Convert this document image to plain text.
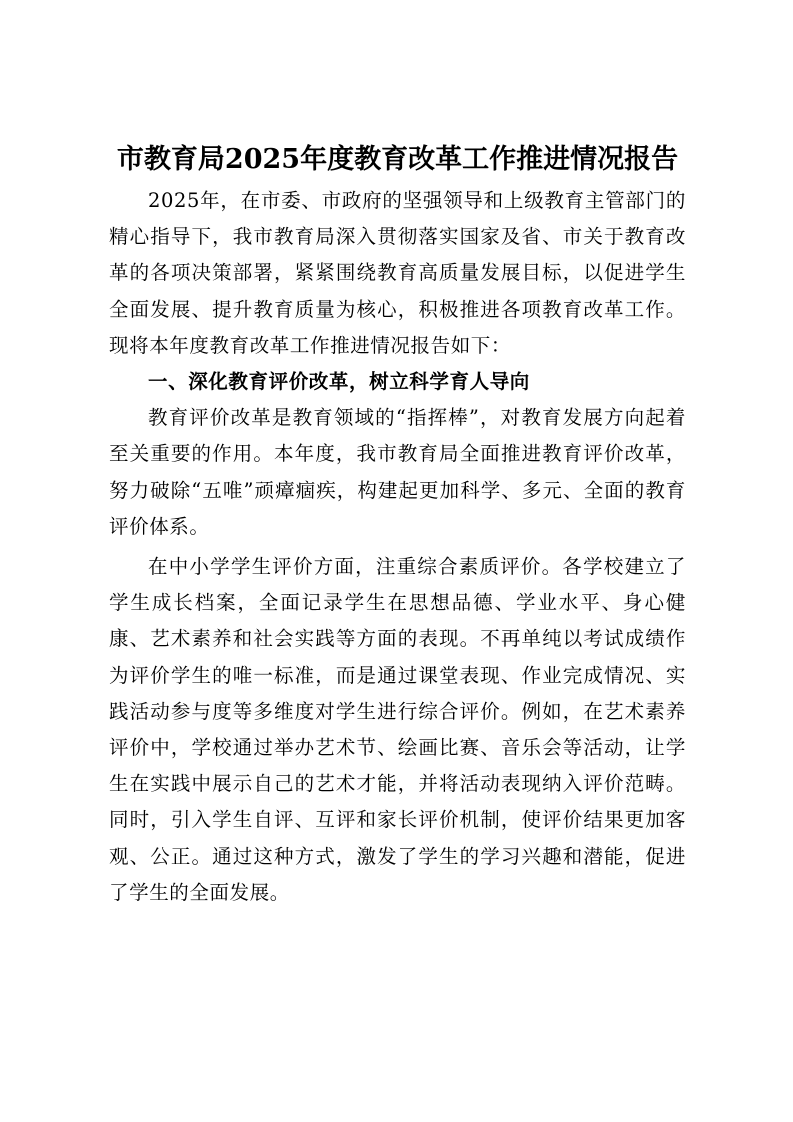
市教育局2025年度教育改革工作推进情况报告

2025年，在市委、市政府的坚强领导和上级教育主管部门的精心指导下，我市教育局深入贯彻落实国家及省、市关于教育改革的各项决策部署，紧紧围绕教育高质量发展目标，以促进学生全面发展、提升教育质量为核心，积极推进各项教育改革工作。现将本年度教育改革工作推进情况报告如下：

一、深化教育评价改革，树立科学育人导向

教育评价改革是教育领域的“指挥棒”，对教育发展方向起着至关重要的作用。本年度，我市教育局全面推进教育评价改革，努力破除“五唯”顽瘴痼疾，构建起更加科学、多元、全面的教育评价体系。

在中小学学生评价方面，注重综合素质评价。各学校建立了学生成长档案，全面记录学生在思想品德、学业水平、身心健康、艺术素养和社会实践等方面的表现。不再单纯以考试成绩作为评价学生的唯一标准，而是通过课堂表现、作业完成情况、实践活动参与度等多维度对学生进行综合评价。例如，在艺术素养评价中，学校通过举办艺术节、绘画比赛、音乐会等活动，让学生在实践中展示自己的艺术才能，并将活动表现纳入评价范畴。同时，引入学生自评、互评和家长评价机制，使评价结果更加客观、公正。通过这种方式，激发了学生的学习兴趣和潜能，促进了学生的全面发展。
